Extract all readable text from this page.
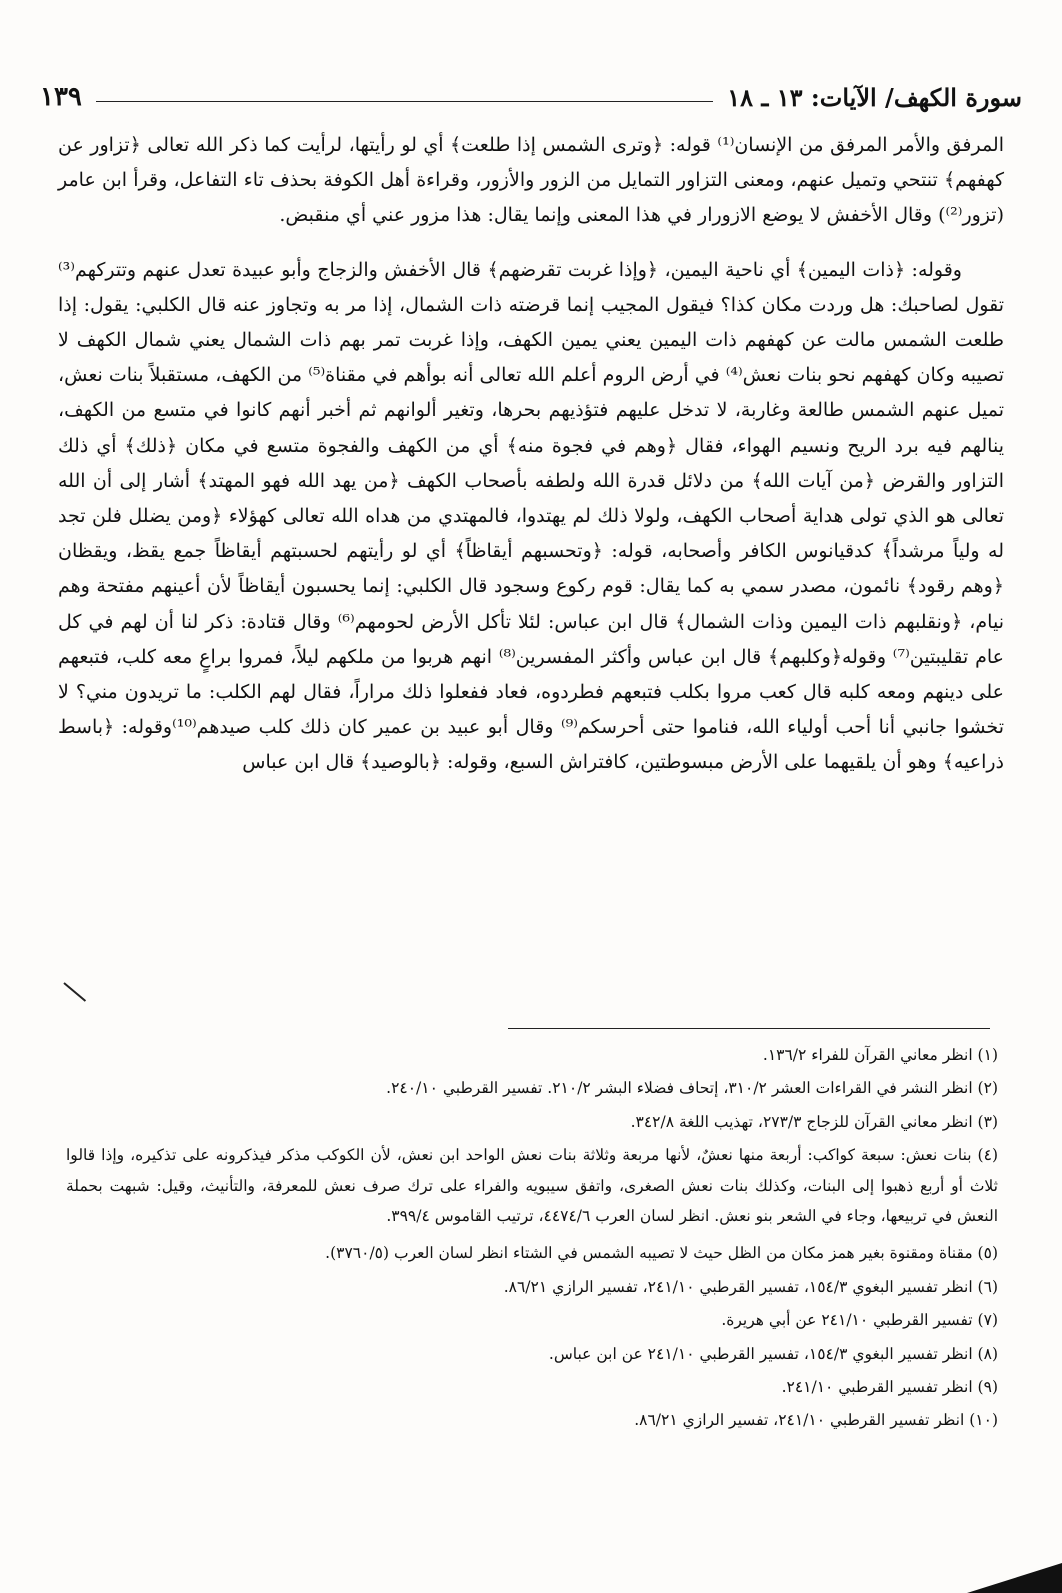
سورة الكهف/ الآيات: ١٣ ـ ١٨
١٣٩

المرفق والأمر المرفق من الإنسان⁽¹⁾ قوله: ﴿وترى الشمس إذا طلعت﴾ أي لو رأيتها، لرأيت كما ذكر الله تعالى ﴿تزاور عن كهفهم﴾ تنتحي وتميل عنهم، ومعنى التزاور التمايل من الزور والأزور، وقراءة أهل الكوفة بحذف تاء التفاعل، وقرأ ابن عامر (تزور⁽²⁾) وقال الأخفش لا يوضع الازورار في هذا المعنى وإنما يقال: هذا مزور عني أي منقبض.

وقوله: ﴿ذات اليمين﴾ أي ناحية اليمين، ﴿وإذا غربت تقرضهم﴾ قال الأخفش والزجاج وأبو عبيدة تعدل عنهم وتتركهم⁽³⁾ تقول لصاحبك: هل وردت مكان كذا؟ فيقول المجيب إنما قرضته ذات الشمال، إذا مر به وتجاوز عنه قال الكلبي: يقول: إذا طلعت الشمس مالت عن كهفهم ذات اليمين يعني يمين الكهف، وإذا غربت تمر بهم ذات الشمال يعني شمال الكهف لا تصيبه وكان كهفهم نحو بنات نعش⁽⁴⁾ في أرض الروم أعلم الله تعالى أنه بوأهم في مقناة⁽⁵⁾ من الكهف، مستقبلاً بنات نعش، تميل عنهم الشمس طالعة وغاربة، لا تدخل عليهم فتؤذيهم بحرها، وتغير ألوانهم ثم أخبر أنهم كانوا في متسع من الكهف، ينالهم فيه برد الريح ونسيم الهواء، فقال ﴿وهم في فجوة منه﴾ أي من الكهف والفجوة متسع في مكان ﴿ذلك﴾ أي ذلك التزاور والقرض ﴿من آيات الله﴾ من دلائل قدرة الله ولطفه بأصحاب الكهف ﴿من يهد الله فهو المهتد﴾ أشار إلى أن الله تعالى هو الذي تولى هداية أصحاب الكهف، ولولا ذلك لم يهتدوا، فالمهتدي من هداه الله تعالى كهؤلاء ﴿ومن يضلل فلن تجد له ولياً مرشداً﴾ كدقيانوس الكافر وأصحابه، قوله: ﴿وتحسبهم أيقاظاً﴾ أي لو رأيتهم لحسبتهم أيقاظاً جمع يقظ، ويقظان ﴿وهم رقود﴾ نائمون، مصدر سمي به كما يقال: قوم ركوع وسجود قال الكلبي: إنما يحسبون أيقاظاً لأن أعينهم مفتحة وهم نيام، ﴿ونقلبهم ذات اليمين وذات الشمال﴾ قال ابن عباس: لئلا تأكل الأرض لحومهم⁽⁶⁾ وقال قتادة: ذكر لنا أن لهم في كل عام تقليبتين⁽⁷⁾ وقوله﴿وكلبهم﴾ قال ابن عباس وأكثر المفسرين⁽⁸⁾ انهم هربوا من ملكهم ليلاً، فمروا براعٍ معه كلب، فتبعهم على دينهم ومعه كلبه قال كعب مروا بكلب فتبعهم فطردوه، فعاد ففعلوا ذلك مراراً، فقال لهم الكلب: ما تريدون مني؟ لا تخشوا جانبي أنا أحب أولياء الله، فناموا حتى أحرسكم⁽⁹⁾ وقال أبو عبيد بن عمير كان ذلك كلب صيدهم⁽¹⁰⁾وقوله: ﴿باسط ذراعيه﴾ وهو أن يلقيهما على الأرض مبسوطتين، كافتراش السبع، وقوله: ﴿بالوصيد﴾ قال ابن عباس

(١) انظر معاني القرآن للفراء ١٣٦/٢.

(٢) انظر النشر في القراءات العشر ٣١٠/٢، إتحاف فضلاء البشر ٢١٠/٢. تفسير القرطبي ٢٤٠/١٠.

(٣) انظر معاني القرآن للزجاج ٢٧٣/٣، تهذيب اللغة ٣٤٢/٨.

(٤) بنات نعش: سبعة كواكب: أربعة منها نعشٌ، لأنها مربعة وثلاثة بنات نعش الواحد ابن نعش، لأن الكوكب مذكر فيذكرونه على تذكيره، وإذا قالوا ثلاث أو أربع ذهبوا إلى البنات، وكذلك بنات نعش الصغرى، واتفق سيبويه والفراء على ترك صرف نعش للمعرفة، والتأنيث، وقيل: شبهت بحملة النعش في تربيعها، وجاء في الشعر بنو نعش. انظر لسان العرب ٤٤٧٤/٦، ترتيب القاموس ٣٩٩/٤.

(٥) مقناة ومقنوة بغير همز مكان من الظل حيث لا تصيبه الشمس في الشتاء انظر لسان العرب (٣٧٦٠/٥).

(٦) انظر تفسير البغوي ١٥٤/٣، تفسير القرطبي ٢٤١/١٠، تفسير الرازي ٨٦/٢١.

(٧) تفسير القرطبي ٢٤١/١٠ عن أبي هريرة.

(٨) انظر تفسير البغوي ١٥٤/٣، تفسير القرطبي ٢٤١/١٠ عن ابن عباس.

(٩) انظر تفسير القرطبي ٢٤١/١٠.

(١٠) انظر تفسير القرطبي ٢٤١/١٠، تفسير الرازي ٨٦/٢١.
